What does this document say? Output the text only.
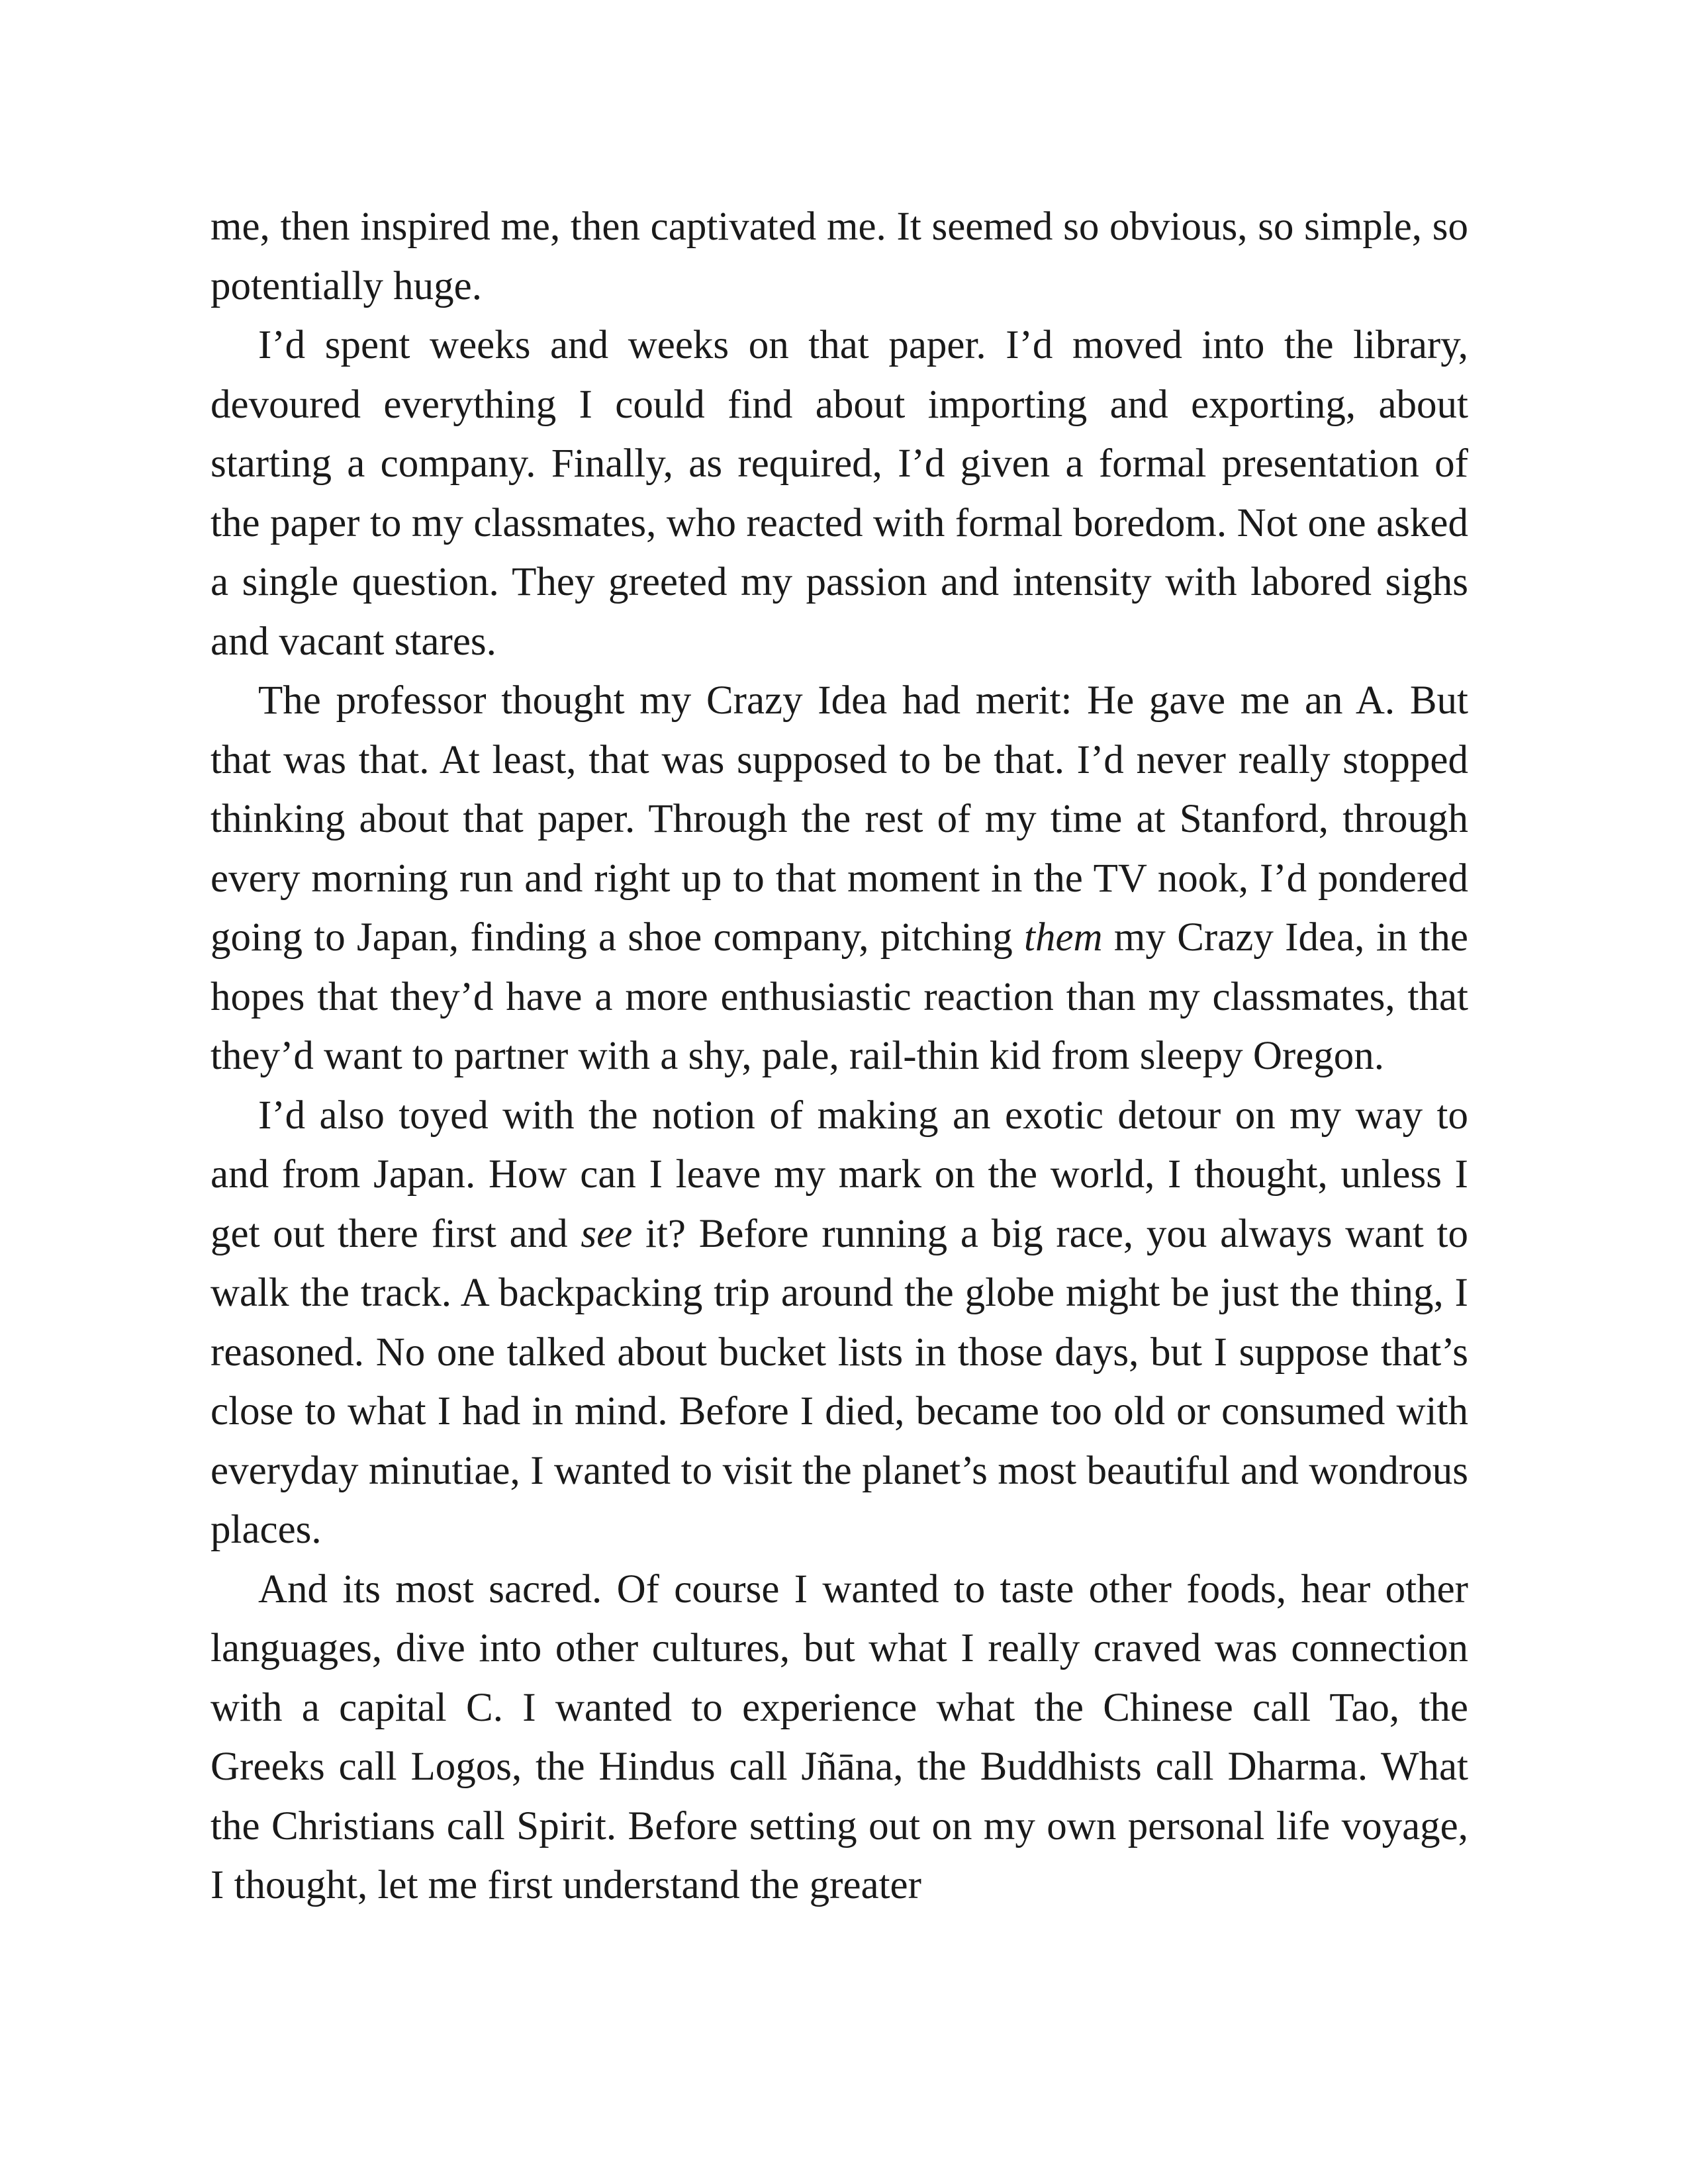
me, then inspired me, then captivated me. It seemed so obvious, so simple, so potentially huge.

I’d spent weeks and weeks on that paper. I’d moved into the library, devoured everything I could find about importing and exporting, about starting a company. Finally, as required, I’d given a formal presentation of the paper to my classmates, who reacted with formal boredom. Not one asked a single question. They greeted my passion and intensity with labored sighs and vacant stares.

The professor thought my Crazy Idea had merit: He gave me an A. But that was that. At least, that was supposed to be that. I’d never really stopped thinking about that paper. Through the rest of my time at Stanford, through every morning run and right up to that moment in the TV nook, I’d pondered going to Japan, finding a shoe company, pitching them my Crazy Idea, in the hopes that they’d have a more enthusiastic reaction than my classmates, that they’d want to partner with a shy, pale, rail-thin kid from sleepy Oregon.

I’d also toyed with the notion of making an exotic detour on my way to and from Japan. How can I leave my mark on the world, I thought, unless I get out there first and see it? Before running a big race, you always want to walk the track. A backpacking trip around the globe might be just the thing, I reasoned. No one talked about bucket lists in those days, but I suppose that’s close to what I had in mind. Before I died, became too old or consumed with everyday minutiae, I wanted to visit the planet’s most beautiful and wondrous places.

And its most sacred. Of course I wanted to taste other foods, hear other languages, dive into other cultures, but what I really craved was connection with a capital C. I wanted to experience what the Chinese call Tao, the Greeks call Logos, the Hindus call Jñāna, the Buddhists call Dharma. What the Christians call Spirit. Before setting out on my own personal life voyage, I thought, let me first understand the greater
